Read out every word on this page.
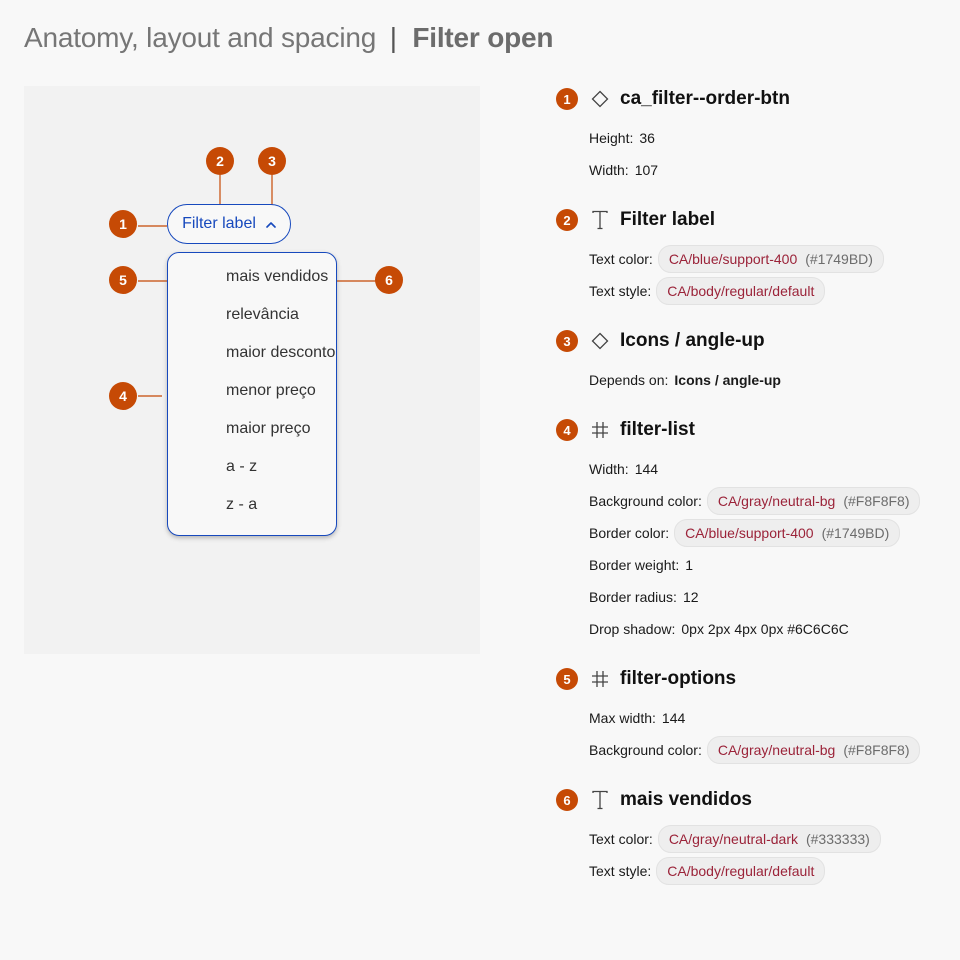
Anatomy, layout and spacing | Filter open
Filter label
mais vendidos
relevância
maior desconto
menor preço
maior preço
a - z
z - a
1
2	3
4
5	6
1	ca_filter--order-btn
Height: 36
Width: 107
2	Filter label
Text color: CA/blue/support-400 (#1749BD)
Text style: CA/body/regular/default
3	Icons / angle-up
Depends on: Icons / angle-up
4	filter-list
Width: 144
Background color: CA/gray/neutral-bg (#F8F8F8)
Border color: CA/blue/support-400 (#1749BD)
Border weight: 1
Border radius: 12
Drop shadow: 0px 2px 4px 0px #6C6C6C
5	filter-options
Max width: 144
Background color: CA/gray/neutral-bg (#F8F8F8)
6	mais vendidos
Text color: CA/gray/neutral-dark (#333333)
Text style: CA/body/regular/default
